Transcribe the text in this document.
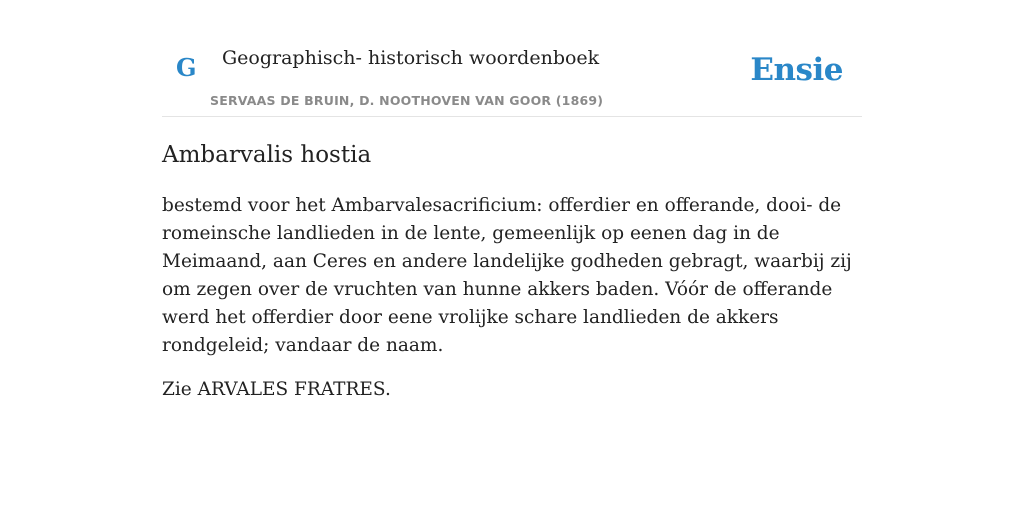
G Geographisch- historisch woordenboek
SERVAAS DE BRUIN, D. NOOTHOVEN VAN GOOR (1869)
Ensie
Ambarvalis hostia

bestemd voor het Ambarvalesacrificium: offerdier en offerande, dooi- de romeinsche landlieden in de lente, gemeenlijk op eenen dag in de Meimaand, aan Ceres en andere landelijke godheden gebragt, waarbij zij om zegen over de vruchten van hunne akkers baden. Vóór de offerande werd het offerdier door eene vrolijke schare landlieden de akkers rondgeleid; vandaar de naam.

Zie ARVALES FRATRES.
